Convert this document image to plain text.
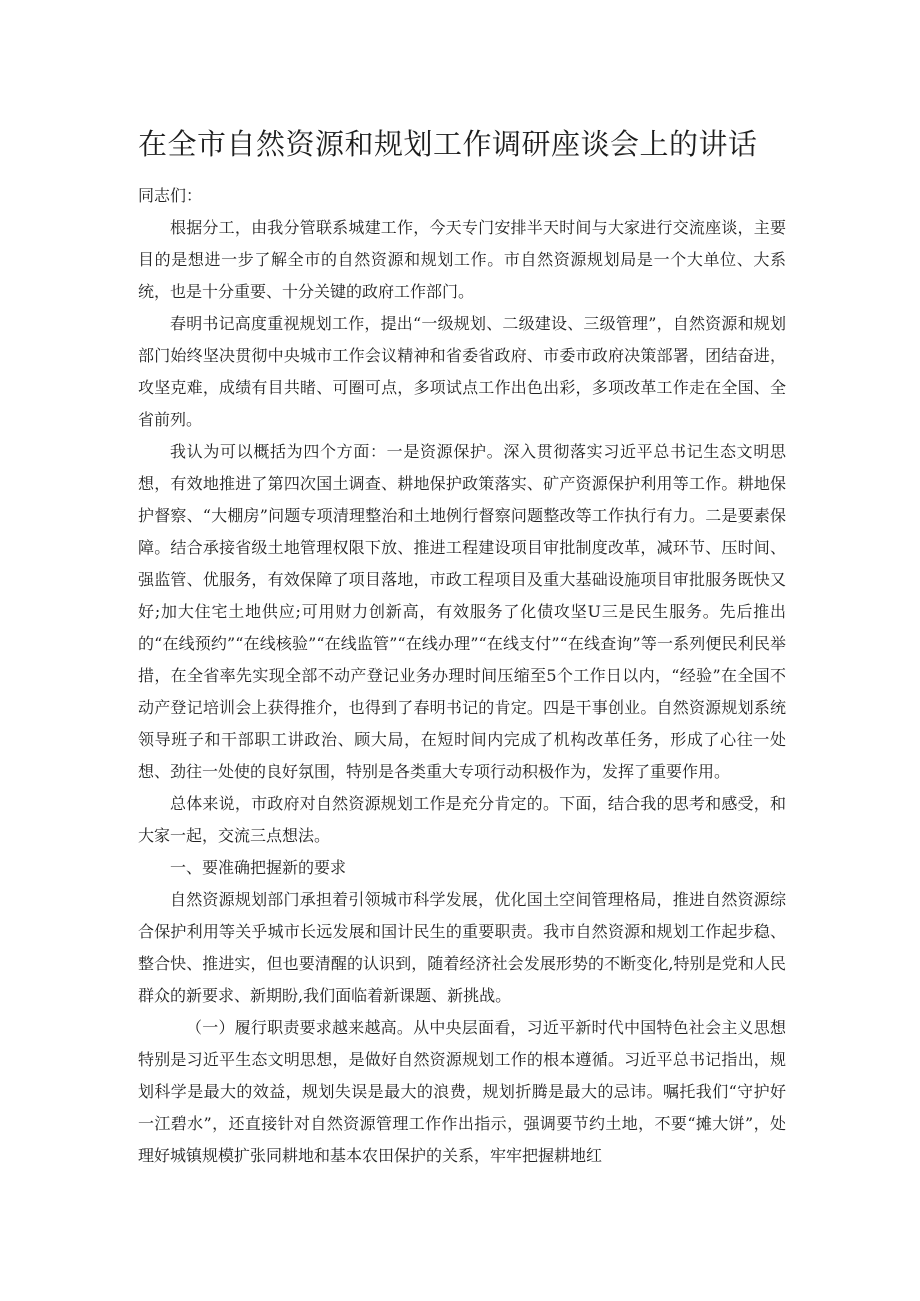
在全市自然资源和规划工作调研座谈会上的讲话

同志们：

根据分工，由我分管联系城建工作，今天专门安排半天时间与大家进行交流座谈，主要目的是想进一步了解全市的自然资源和规划工作。市自然资源规划局是一个大单位、大系统，也是十分重要、十分关键的政府工作部门。

春明书记高度重视规划工作，提出“一级规划、二级建设、三级管理”，自然资源和规划部门始终坚决贯彻中央城市工作会议精神和省委省政府、市委市政府决策部署，团结奋进，攻坚克难，成绩有目共睹、可圈可点，多项试点工作出色出彩，多项改革工作走在全国、全省前列。

我认为可以概括为四个方面：一是资源保护。深入贯彻落实习近平总书记生态文明思想，有效地推进了第四次国土调查、耕地保护政策落实、矿产资源保护利用等工作。耕地保护督察、“大棚房”问题专项清理整治和土地例行督察问题整改等工作执行有力。二是要素保障。结合承接省级土地管理权限下放、推进工程建设项目审批制度改革，减环节、压时间、强监管、优服务，有效保障了项目落地，市政工程项目及重大基础设施项目审批服务既快又好;加大住宅土地供应;可用财力创新高，有效服务了化债攻坚U三是民生服务。先后推出的“在线预约”“在线核验”“在线监管”“在线办理”“在线支付”“在线查询”等一系列便民利民举措，在全省率先实现全部不动产登记业务办理时间压缩至5个工作日以内，“经验”在全国不动产登记培训会上获得推介，也得到了春明书记的肯定。四是干事创业。自然资源规划系统领导班子和干部职工讲政治、顾大局，在短时间内完成了机构改革任务，形成了心往一处想、劲往一处使的良好氛围，特别是各类重大专项行动积极作为，发挥了重要作用。

总体来说，市政府对自然资源规划工作是充分肯定的。下面，结合我的思考和感受，和大家一起，交流三点想法。

一、要准确把握新的要求

自然资源规划部门承担着引领城市科学发展，优化国土空间管理格局，推进自然资源综合保护利用等关乎城市长远发展和国计民生的重要职责。我市自然资源和规划工作起步稳、整合快、推进实，但也要清醒的认识到，随着经济社会发展形势的不断变化,特别是党和人民群众的新要求、新期盼,我们面临着新课题、新挑战。

（一）履行职责要求越来越高。从中央层面看，习近平新时代中国特色社会主义思想特别是习近平生态文明思想，是做好自然资源规划工作的根本遵循。习近平总书记指出，规划科学是最大的效益，规划失误是最大的浪费，规划折腾是最大的忌讳。嘱托我们“守护好一江碧水”，还直接针对自然资源管理工作作出指示，强调要节约土地，不要“摊大饼”，处理好城镇规模扩张同耕地和基本农田保护的关系，牢牢把握耕地红
